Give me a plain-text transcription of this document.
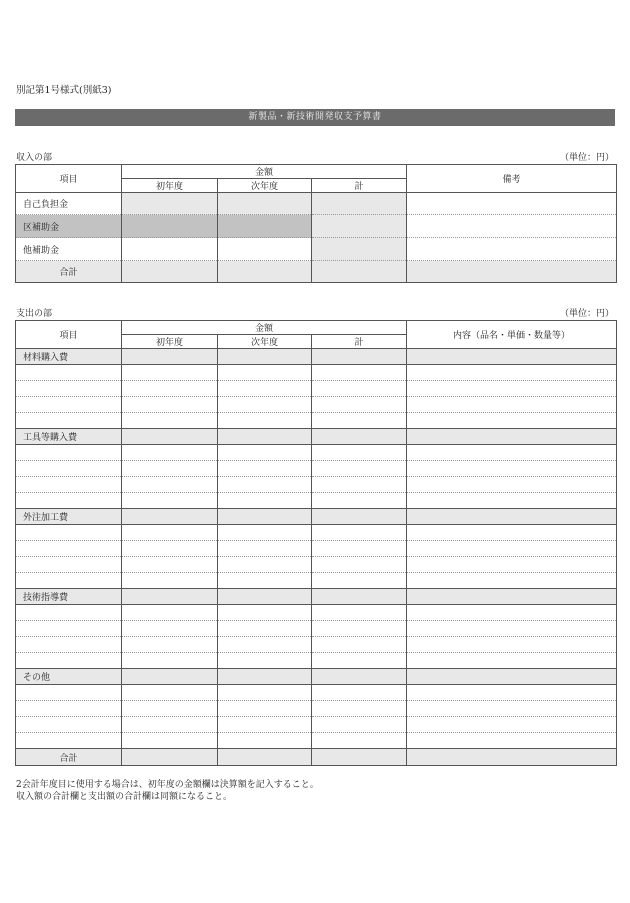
別記第1号様式(別紙3)
新製品・新技術開発収支予算書
収入の部	（単位：円）
項目	金額			備考
	初年度	次年度	計	
自己負担金				
区補助金				
他補助金				
合計				
支出の部	（単位：円）
項目	金額			内容（品名・単価・数量等）
	初年度	次年度	計	
材料購入費				

工具等購入費				

外注加工費				

技術指導費				

その他				

合計				
2会計年度目に使用する場合は、初年度の金額欄は決算額を記入すること。
収入額の合計欄と支出額の合計欄は同額になること。
